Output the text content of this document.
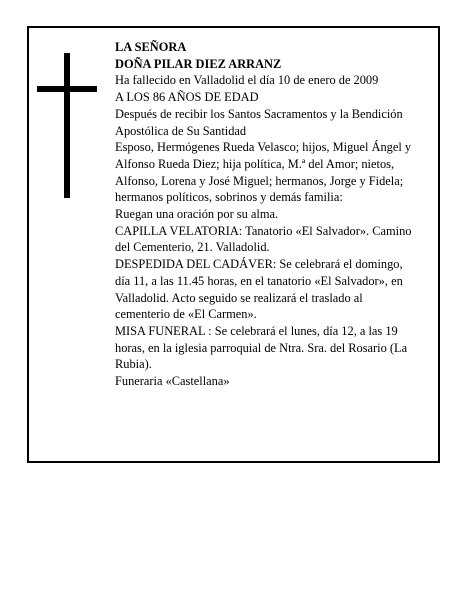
LA SEÑORA

DOÑA PILAR DIEZ ARRANZ

Ha fallecido en Valladolid el día 10 de enero de 2009

A LOS 86 AÑOS DE EDAD

Después de recibir los Santos Sacramentos y la Bendición Apostólica de Su Santidad

Esposo, Hermógenes Rueda Velasco; hijos, Miguel Ángel y Alfonso Rueda Diez; hija política, M.ª del Amor; nietos, Alfonso, Lorena y José Miguel; hermanos, Jorge y Fidela; hermanos políticos, sobrinos y demás familia:

Ruegan una oración por su alma.

CAPILLA VELATORIA: Tanatorio «El Salvador». Camino del Cementerio, 21. Valladolid.

DESPEDIDA DEL CADÁVER: Se celebrará el domingo, día 11, a las 11.45 horas, en el tanatorio «El Salvador», en Valladolid. Acto seguido se realizará el traslado al cementerio de «El Carmen».

MISA FUNERAL : Se celebrará el lunes, día 12, a las 19 horas, en la iglesia parroquial de Ntra. Sra. del Rosario (La Rubia).

Funeraria «Castellana»
